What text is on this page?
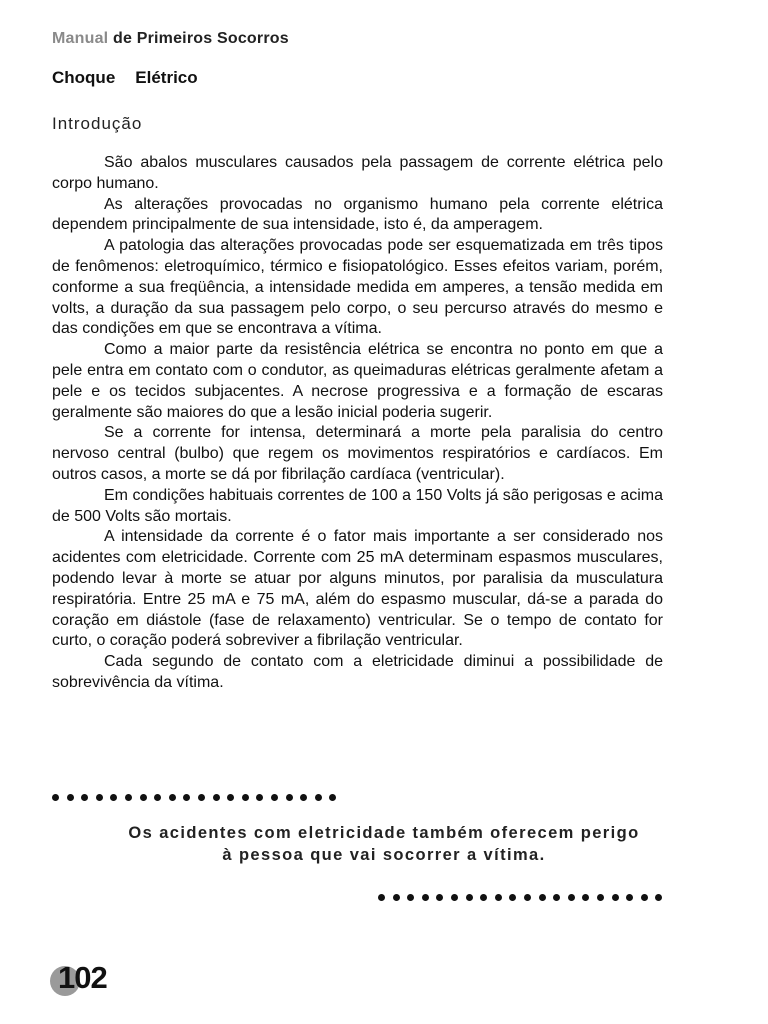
Manual de Primeiros Socorros
Choque Elétrico
Introdução

São abalos musculares causados pela passagem de corrente elétrica pelo corpo humano.

As alterações provocadas no organismo humano pela corrente elétrica dependem principalmente de sua intensidade, isto é, da amperagem.

A patologia das alterações provocadas pode ser esquematizada em três tipos de fenômenos: eletroquímico, térmico e fisiopatológico. Esses efeitos variam, porém, conforme a sua freqüência, a intensidade medida em amperes, a tensão medida em volts, a duração da sua passagem pelo corpo, o seu percurso através do mesmo e das condições em que se encontrava a vítima.

Como a maior parte da resistência elétrica se encontra no ponto em que a pele entra em contato com o condutor, as queimaduras elétricas geralmente afetam a pele e os tecidos subjacentes. A necrose progressiva e a formação de escaras geralmente são maiores do que a lesão inicial poderia sugerir.

Se a corrente for intensa, determinará a morte pela paralisia do centro nervoso central (bulbo) que regem os movimentos respiratórios e cardíacos. Em outros casos, a morte se dá por fibrilação cardíaca (ventricular).

Em condições habituais correntes de 100 a 150 Volts já são perigosas e acima de 500 Volts são mortais.

A intensidade da corrente é o fator mais importante a ser considerado nos acidentes com eletricidade. Corrente com 25 mA determinam espasmos musculares, podendo levar à morte se atuar por alguns minutos, por paralisia da musculatura respiratória. Entre 25 mA e 75 mA, além do espasmo muscular, dá-se a parada do coração em diástole (fase de relaxamento) ventricular. Se o tempo de contato for curto, o coração poderá sobreviver a fibrilação ventricular.

Cada segundo de contato com a eletricidade diminui a possibilidade de sobrevivência da vítima.

Os acidentes com eletricidade também oferecem perigo
à pessoa que vai socorrer a vítima.
102
